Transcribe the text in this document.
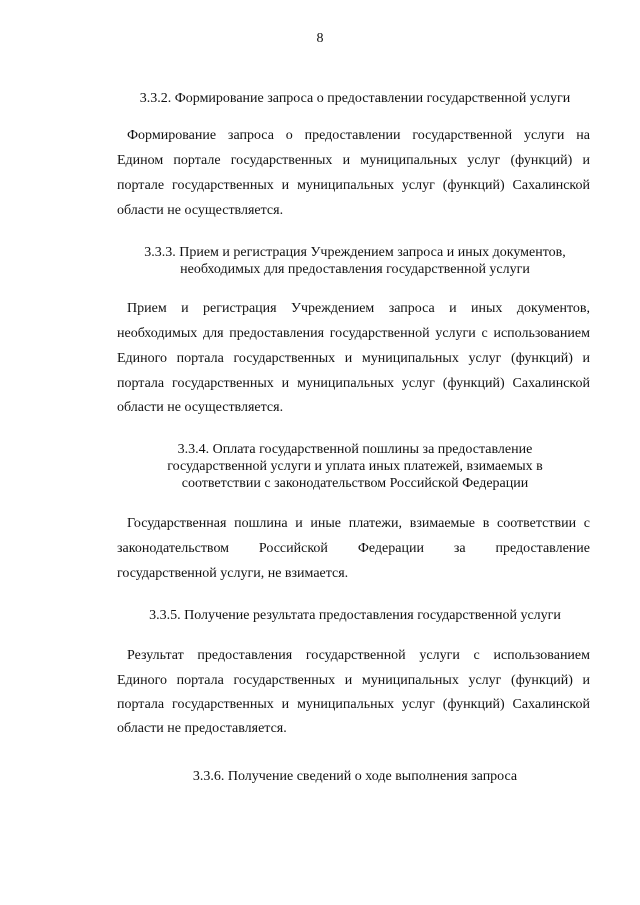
8
3.3.2. Формирование запроса о предоставлении государственной услуги
Формирование запроса о предоставлении государственной услуги на
Едином портале государственных и муниципальных услуг (функций) и
портале государственных и муниципальных услуг (функций) Сахалинской
области не осуществляется.
3.3.3. Прием и регистрация Учреждением запроса и иных документов,
необходимых для предоставления государственной услуги
Прием и регистрация Учреждением запроса и иных документов,
необходимых для предоставления государственной услуги с использованием
Единого портала государственных и муниципальных услуг (функций) и
портала государственных и муниципальных услуг (функций) Сахалинской
области не осуществляется.
3.3.4. Оплата государственной пошлины за предоставление
государственной услуги и уплата иных платежей, взимаемых в
соответствии с законодательством Российской Федерации
Государственная пошлина и иные платежи, взимаемые в соответствии с
законодательством Российской Федерации за предоставление
государственной услуги, не взимается.
3.3.5. Получение результата предоставления государственной услуги
Результат предоставления государственной услуги с использованием
Единого портала государственных и муниципальных услуг (функций) и
портала государственных и муниципальных услуг (функций) Сахалинской
области не предоставляется.
3.3.6. Получение сведений о ходе выполнения запроса
